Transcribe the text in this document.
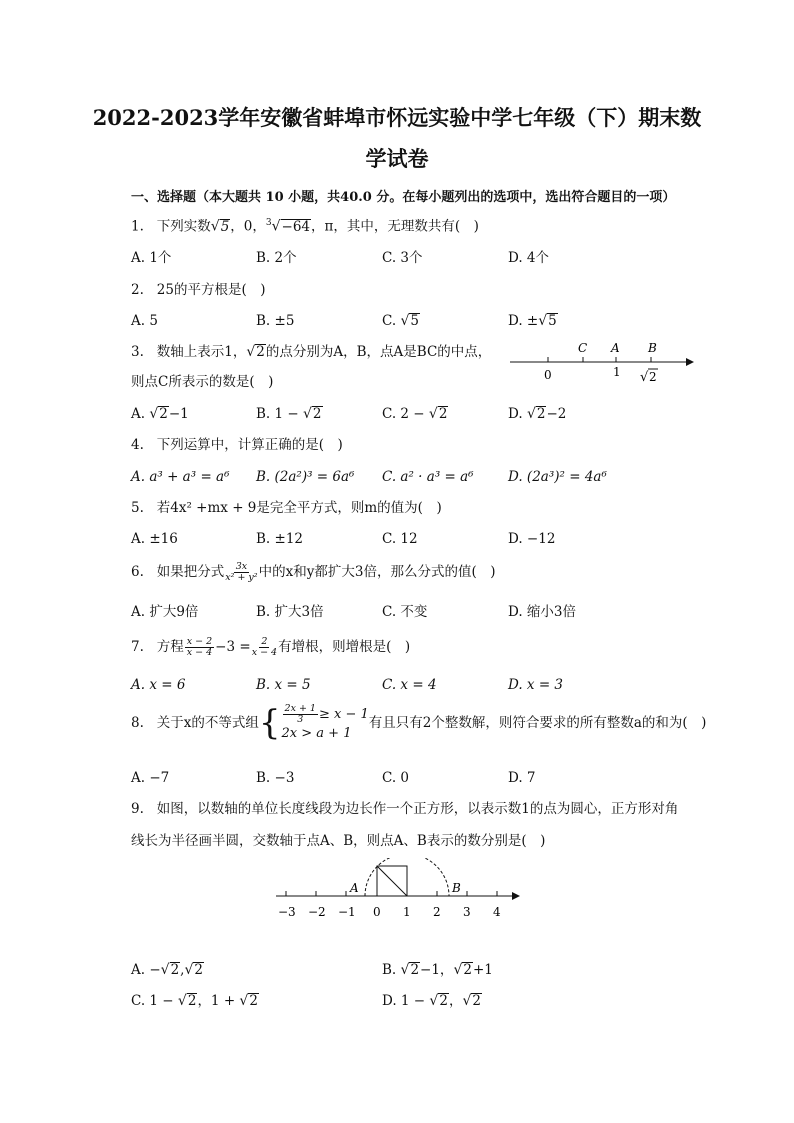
2022-2023学年安徽省蚌埠市怀远实验中学七年级（下）期末数
学试卷
一、选择题（本大题共 10 小题，共40.0 分。在每小题列出的选项中，选出符合题目的一项）
1. 下列实数√5，0，$^3$√−64，π，其中，无理数共有(　)
A. 1个	B. 2个	C. 3个	D. 4个
2. 25的平方根是(　)
A. 5	B. ±5	C. √5	D. ±√5
3. 数轴上表示1，√2的点分别为A，B，点A是BC的中点，
则点C所表示的数是(　)
C A B
0	1 √ 2
A. √2−1	B. 1 − √2	C. 2 − √2	D. √2−2
4. 下列运算中，计算正确的是(　)
A. a³ + a³ = a⁶ B. (2a²)³ = 6a⁶ C. a² · a³ = a⁶	D. (2a³)² = 4a⁶
5. 若4x² +mx + 9是完全平方式，则m的值为(　)
A. ±16	B. ±12	C. 12	D. −12
6. 如果把分式 $\frac{3x}{\text{x² + y²}}$ 中的x和y都扩大3倍，那么分式的值(　)
A. 扩大9倍	B. 扩大3倍	C. 不变	D. 缩小3倍
7. 方程 $\frac{x - 2}{x - 4} -3 = \frac{2}{x - 4}$ 有增根，则增根是(　)
A. x = 6	B. x = 5	C. x = 4	D. x = 3
8. 关于x的不等式组 { $\frac{2x + 1}{3} \ge x - 1$
2x > a + 1
有且只有2个整数解，则符合要求的所有整数a的和为(　)
A. −7	B. −3	C. 0	D. 7
9. 如图，以数轴的单位长度线段为边长作一个正方形，以表示数1的点为圆心，正方形对角
线长为半径画半圆，交数轴于点A、B，则点A、B表示的数分别是(　)
A	B
−3 −2 −1 0 1 2 3 4
A. −√2,√2	B. √2−1，√2+1
C. 1 − √2，1 + √2	D. 1 − √2，√2
